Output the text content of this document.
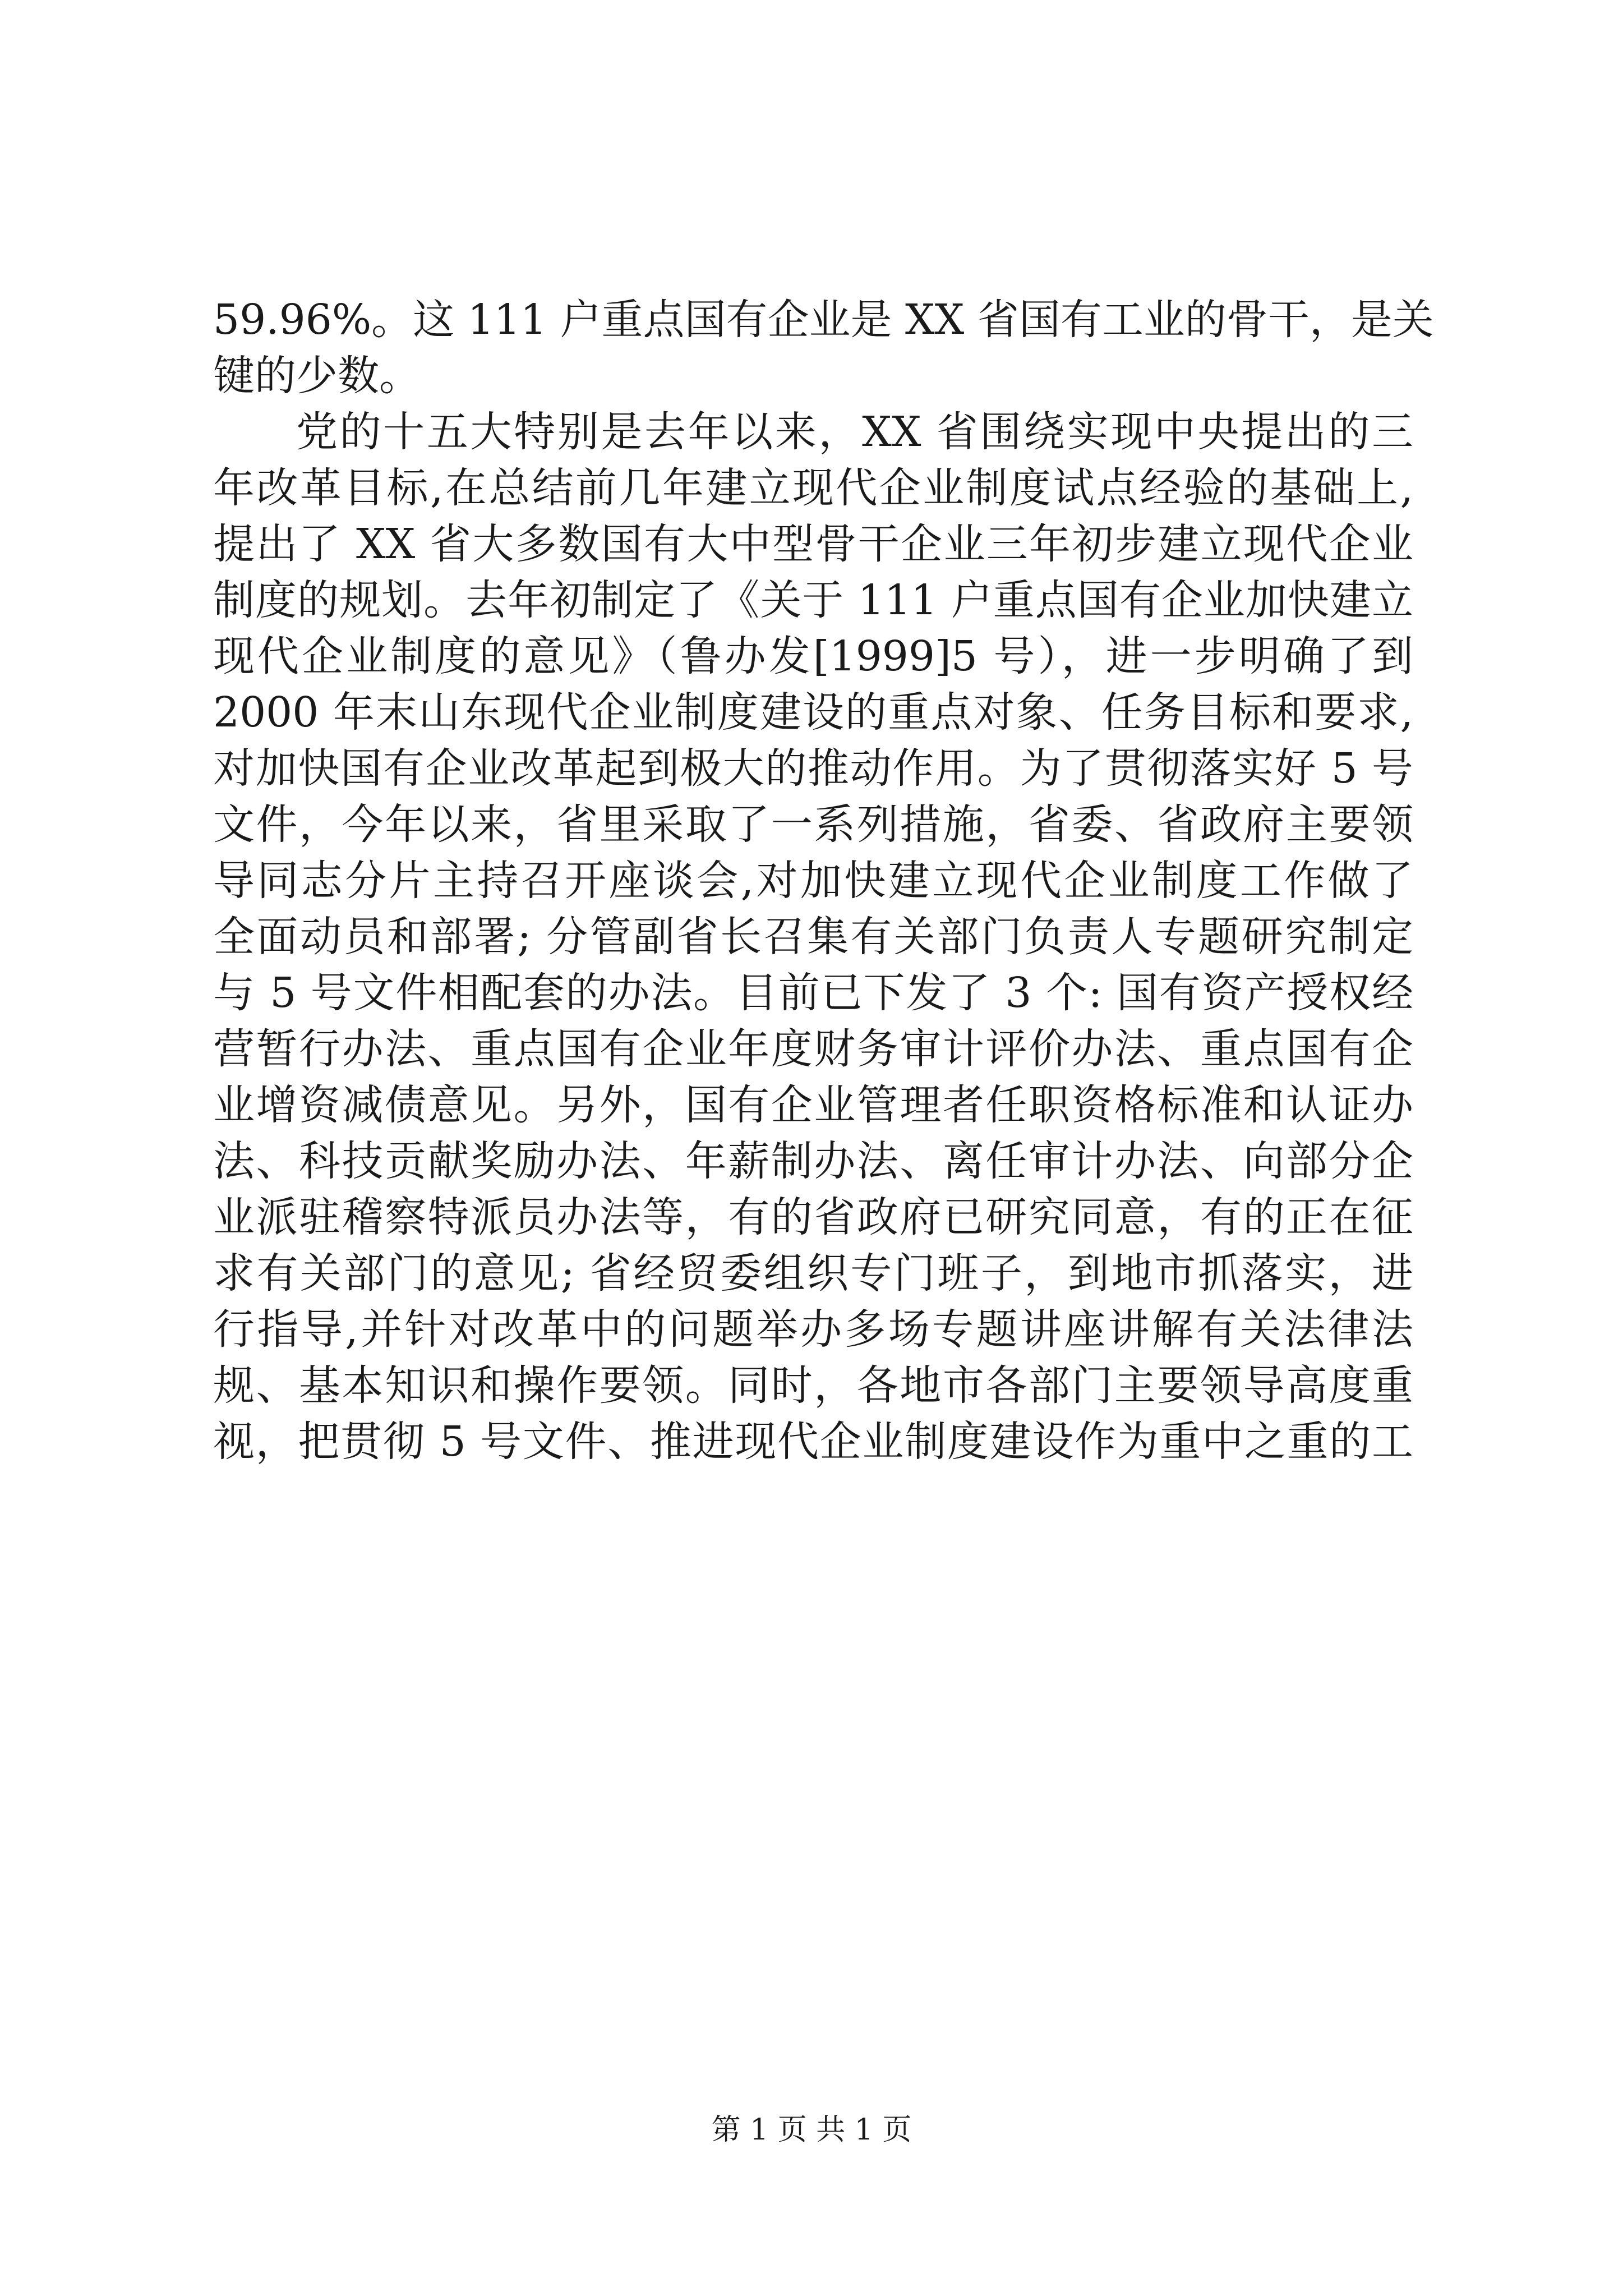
59.96%。这 111 户重点国有企业是 XX 省国有工业的骨干，是关
键的少数。
党的十五大特别是去年以来，XX 省围绕实现中央提出的三
年改革目标,在总结前几年建立现代企业制度试点经验的基础上,
提出了 XX 省大多数国有大中型骨干企业三年初步建立现代企业
制度的规划。去年初制定了《关于 111 户重点国有企业加快建立
现代企业制度的意见》（鲁办发[1999]5 号），进一步明确了到
2000 年末山东现代企业制度建设的重点对象、任务目标和要求,
对加快国有企业改革起到极大的推动作用。为了贯彻落实好 5 号
文件，今年以来，省里采取了一系列措施，省委、省政府主要领
导同志分片主持召开座谈会,对加快建立现代企业制度工作做了
全面动员和部署; 分管副省长召集有关部门负责人专题研究制定
与 5 号文件相配套的办法。目前已下发了 3 个: 国有资产授权经
营暂行办法、重点国有企业年度财务审计评价办法、重点国有企
业增资减债意见。另外，国有企业管理者任职资格标准和认证办
法、科技贡献奖励办法、年薪制办法、离任审计办法、向部分企
业派驻稽察特派员办法等，有的省政府已研究同意，有的正在征
求有关部门的意见; 省经贸委组织专门班子，到地市抓落实，进
行指导,并针对改革中的问题举办多场专题讲座讲解有关法律法
规、基本知识和操作要领。同时，各地市各部门主要领导高度重
视，把贯彻 5 号文件、推进现代企业制度建设作为重中之重的工
第 1 页 共 1 页
